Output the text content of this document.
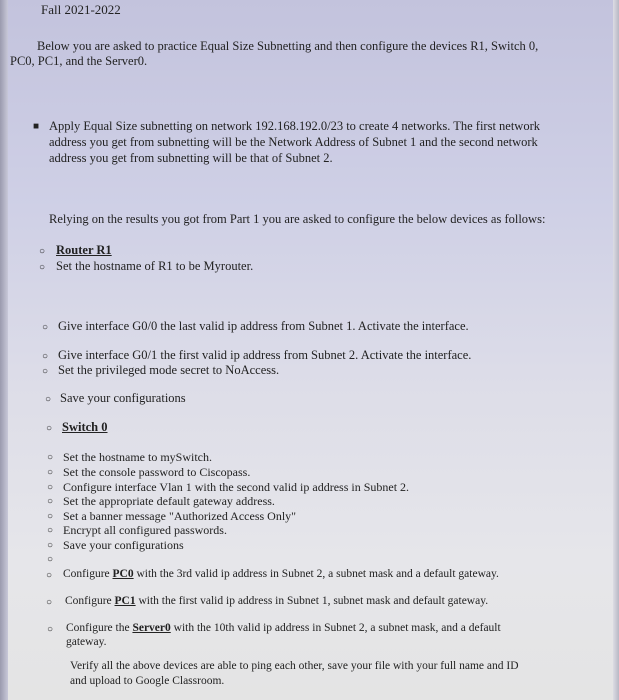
Fall 2021-2022
Below you are asked to practice Equal Size Subnetting and then configure the devices R1, Switch 0,
PC0, PC1, and the Server0.
■ Apply Equal Size subnetting on network 192.168.192.0/23 to create 4 networks. The first network
address you get from subnetting will be the Network Address of Subnet 1 and the second network
address you get from subnetting will be that of Subnet 2.
Relying on the results you got from Part 1 you are asked to configure the below devices as follows:
○ Router R1
○ Set the hostname of R1 to be Myrouter.
○ Give interface G0/0 the last valid ip address from Subnet 1. Activate the interface.
○ Give interface G0/1 the first valid ip address from Subnet 2. Activate the interface.
○ Set the privileged mode secret to NoAccess.
○ Save your configurations
○ Switch 0
○ Set the hostname to mySwitch.
○ Set the console password to Ciscopass.
○ Configure interface Vlan 1 with the second valid ip address in Subnet 2.
○ Set the appropriate default gateway address.
○ Set a banner message "Authorized Access Only"
○ Encrypt all configured passwords.
○ Save your configurations
○
○ Configure PC0 with the 3rd valid ip address in Subnet 2, a subnet mask and a default gateway.
○ Configure PC1 with the first valid ip address in Subnet 1, subnet mask and default gateway.
○ Configure the Server0 with the 10th valid ip address in Subnet 2, a subnet mask, and a default
gateway.
Verify all the above devices are able to ping each other, save your file with your full name and ID
and upload to Google Classroom.
